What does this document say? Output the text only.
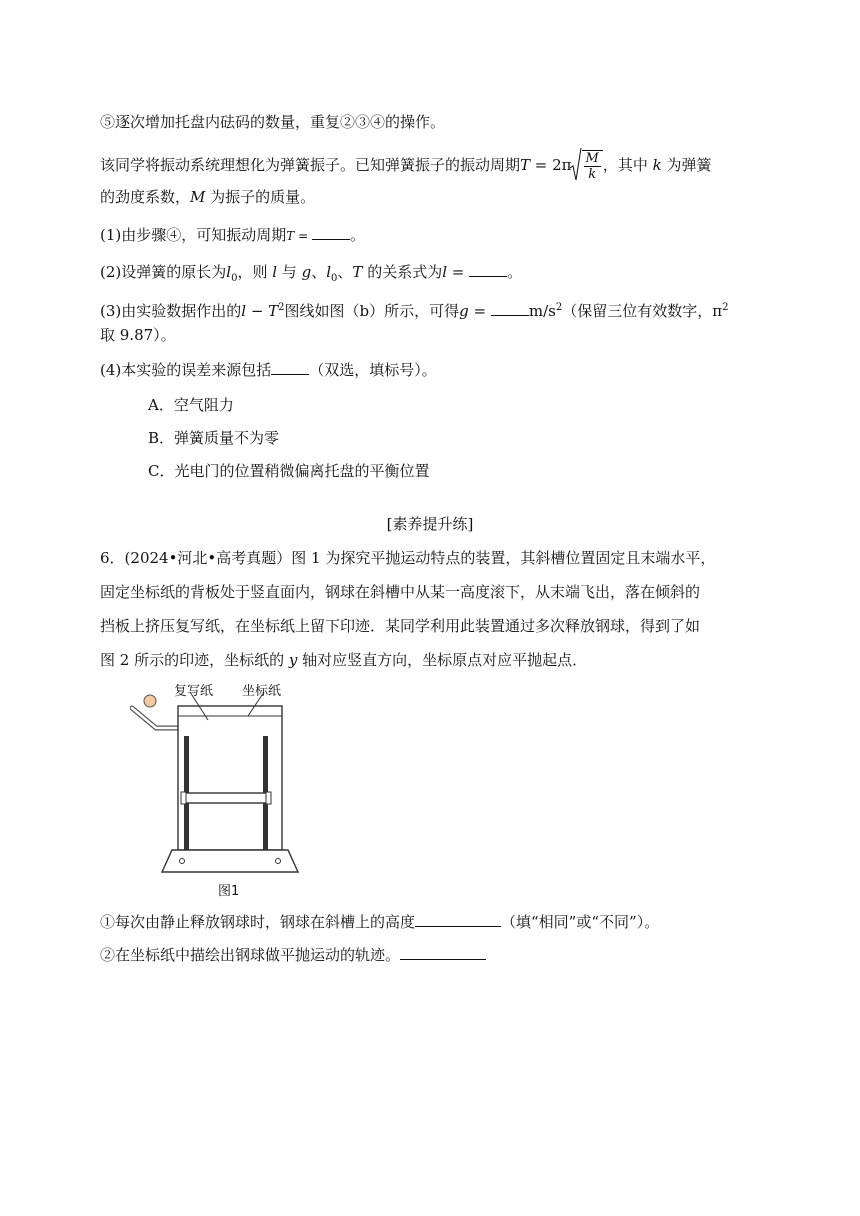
⑤逐次增加托盘内砝码的数量，重复②③④的操作。
该同学将振动系统理想化为弹簧振子。已知弹簧振子的振动周期$T = 2\pi \frac{M}{k}$ ，其中 k 为弹簧
的劲度系数，M 为振子的质量。
(1)由步骤④，可知振动周期T =	。
(2)设弹簧的原长为$l_0$，则 l 与 g、$l_0$、T 的关系式为l =	。
(3)由实验数据作出的$l - T^2$图线如图（b）所示，可得g =	$m/s^2$（保留三位有效数字，$\pi^2$
取 9.87）。
(4)本实验的误差来源包括	（双选，填标号）。
A．空气阻力
B．弹簧质量不为零
C．光电门的位置稍微偏离托盘的平衡位置
[素养提升练]
6．(2024•河北•高考真题）图 1 为探究平抛运动特点的装置，其斜槽位置固定且末端水平，
固定坐标纸的背板处于竖直面内，钢球在斜槽中从某一高度滚下，从末端飞出，落在倾斜的
挡板上挤压复写纸，在坐标纸上留下印迹．某同学利用此装置通过多次释放钢球，得到了如
图 2 所示的印迹，坐标纸的 y 轴对应竖直方向，坐标原点对应平抛起点．
复写纸 坐标纸
图1
①每次由静止释放钢球时，钢球在斜槽上的高度	（填“相同”或“不同”）。
②在坐标纸中描绘出钢球做平抛运动的轨迹。
